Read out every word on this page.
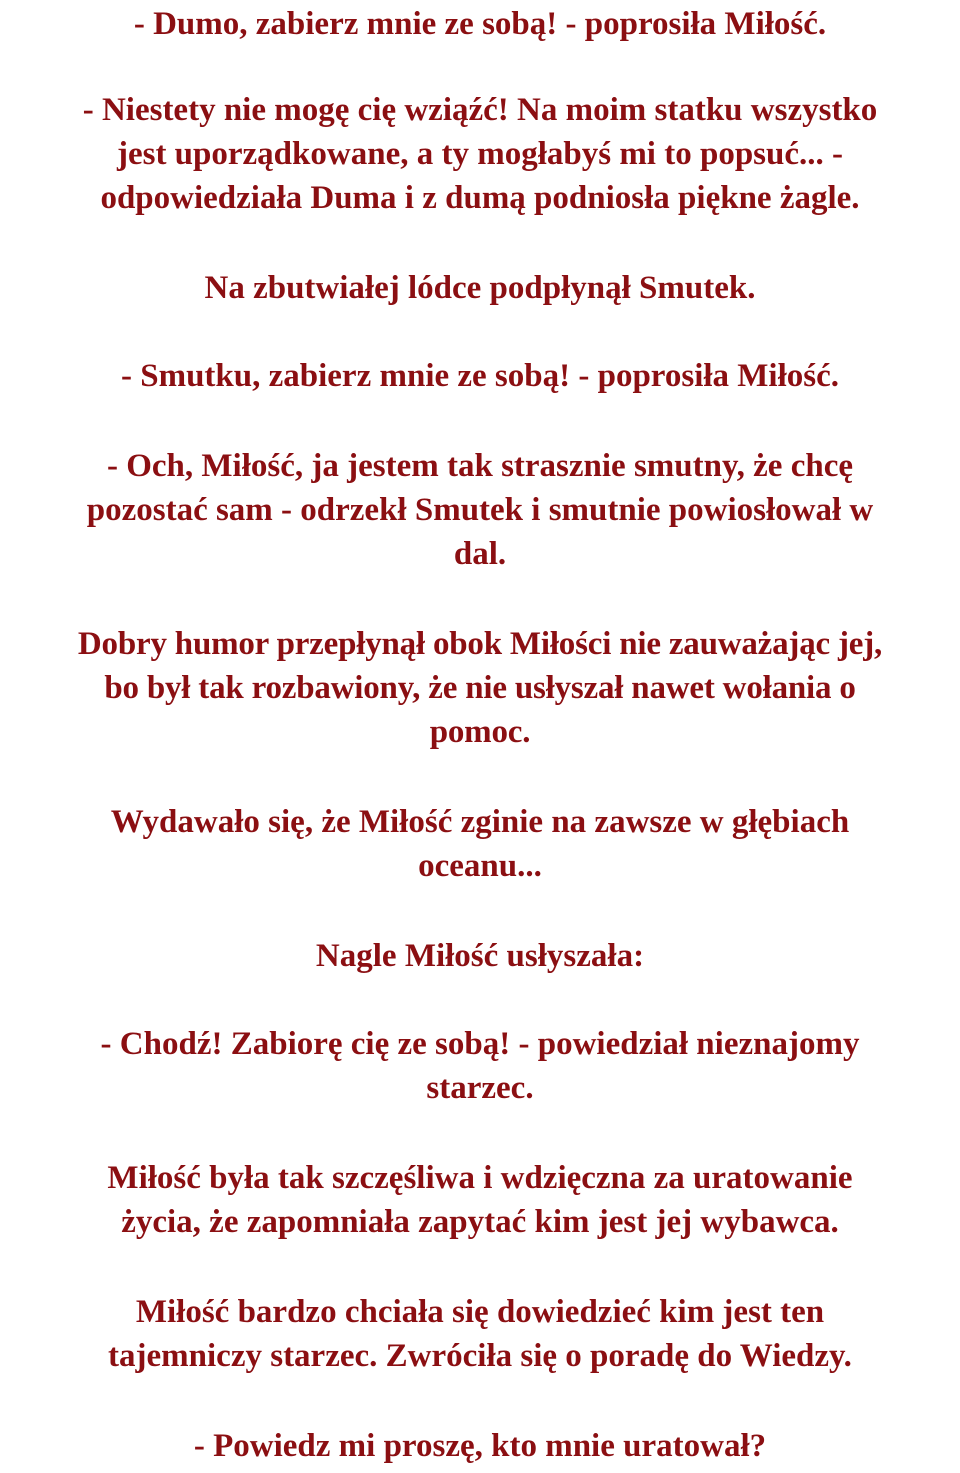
- Dumo, zabierz mnie ze sobą! - poprosiła Miłość.

- Niestety nie mogę cię wziąźć! Na moim statku wszystko
jest uporządkowane, a ty mogłabyś mi to popsuć... -
odpowiedziała Duma i z dumą podniosła piękne żagle.

Na zbutwiałej lódce podpłynął Smutek.

- Smutku, zabierz mnie ze sobą! - poprosiła Miłość.

- Och, Miłość, ja jestem tak strasznie smutny, że chcę
pozostać sam - odrzekł Smutek i smutnie powiosłował w
dal.

Dobry humor przepłynął obok Miłości nie zauważając jej,
bo był tak rozbawiony, że nie usłyszał nawet wołania o
pomoc.

Wydawało się, że Miłość zginie na zawsze w głębiach
oceanu...

Nagle Miłość usłyszała:

- Chodź! Zabiorę cię ze sobą! - powiedział nieznajomy
starzec.

Miłość była tak szczęśliwa i wdzięczna za uratowanie
życia, że zapomniała zapytać kim jest jej wybawca.

Miłość bardzo chciała się dowiedzieć kim jest ten
tajemniczy starzec. Zwróciła się o poradę do Wiedzy.

- Powiedz mi proszę, kto mnie uratował?
